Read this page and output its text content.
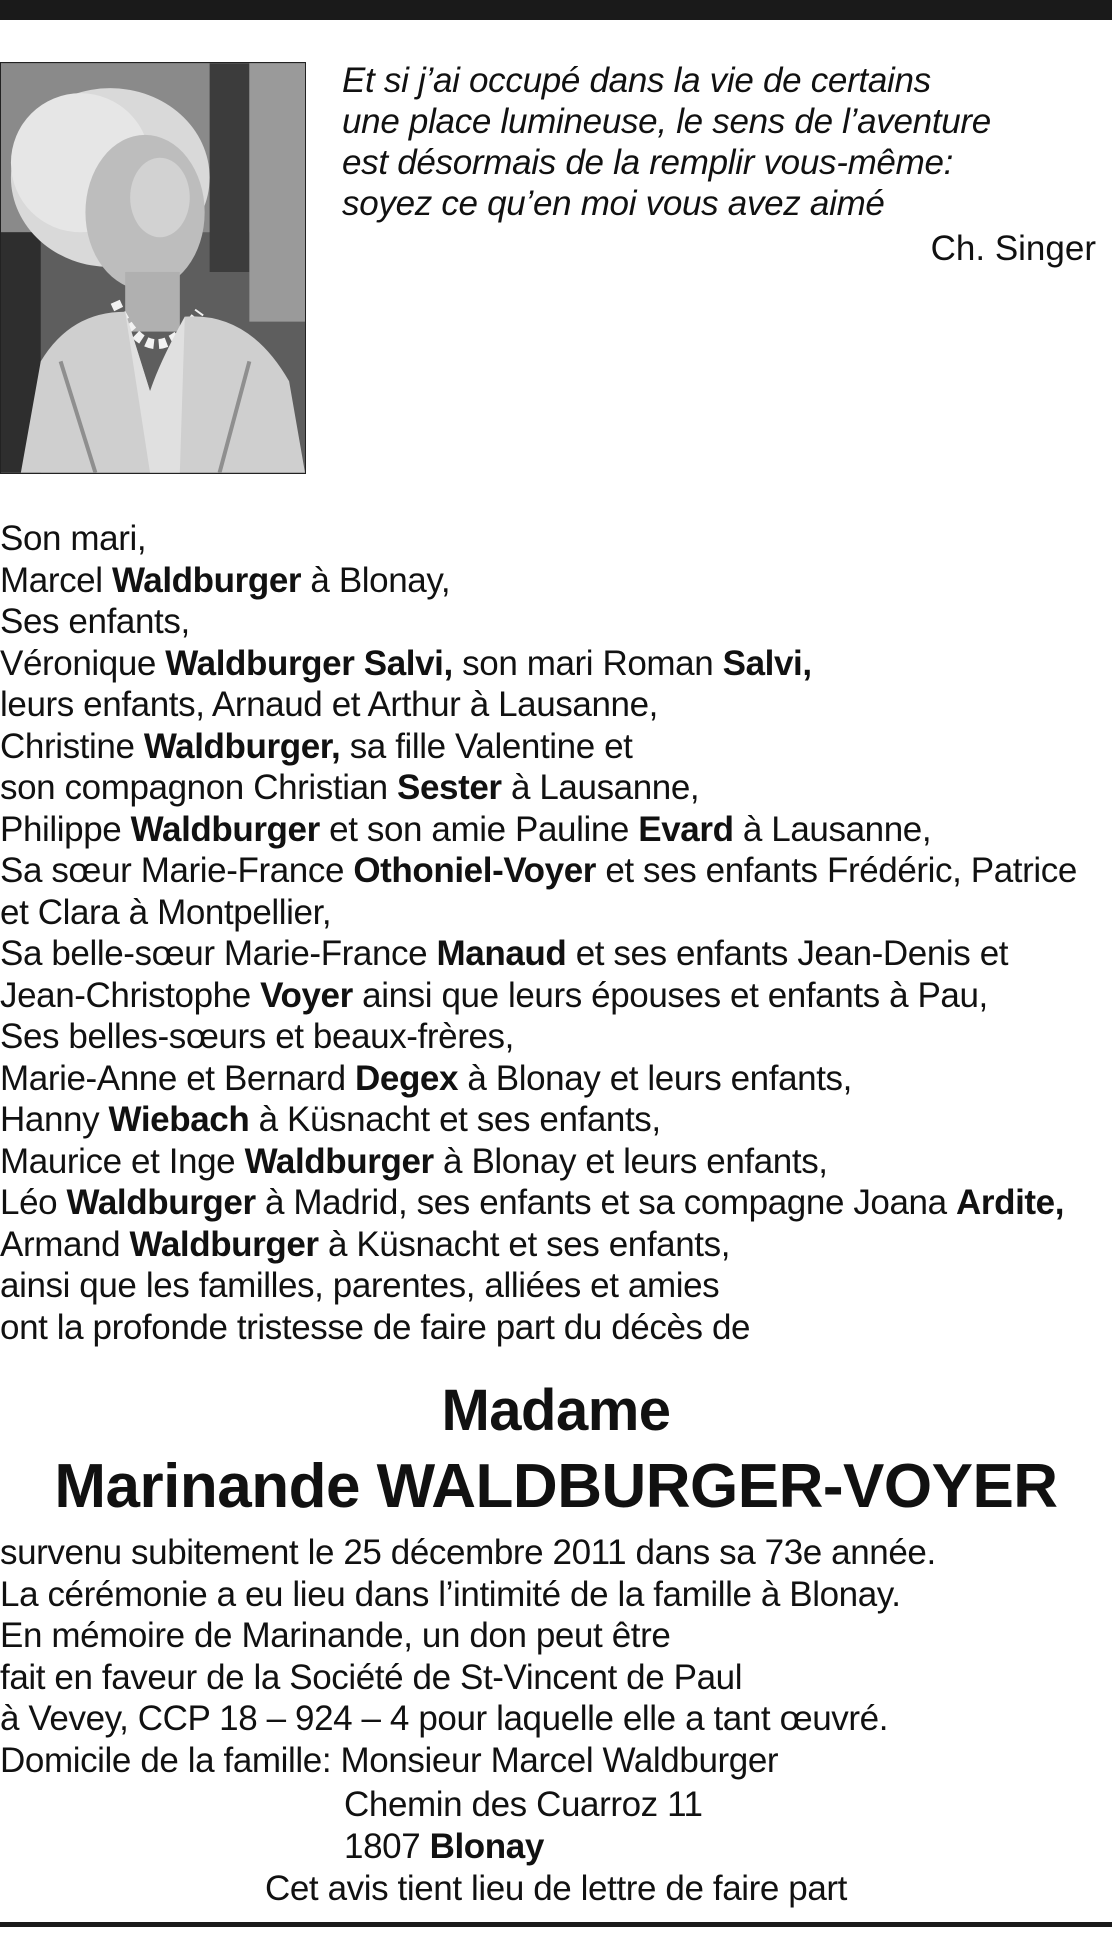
Et si j’ai occupé dans la vie de certains
une place lumineuse, le sens de l’aventure
est désormais de la remplir vous-même:
soyez ce qu’en moi vous avez aimé
Ch. Singer
Son mari,
Marcel Waldburger à Blonay,
Ses enfants,
Véronique Waldburger Salvi, son mari Roman Salvi,
leurs enfants, Arnaud et Arthur à Lausanne,
Christine Waldburger, sa fille Valentine et
son compagnon Christian Sester à Lausanne,
Philippe Waldburger et son amie Pauline Evard à Lausanne,
Sa sœur Marie-France Othoniel-Voyer et ses enfants Frédéric, Patrice
et Clara à Montpellier,
Sa belle-sœur Marie-France Manaud et ses enfants Jean-Denis et
Jean-Christophe Voyer ainsi que leurs épouses et enfants à Pau,
Ses belles-sœurs et beaux-frères,
Marie-Anne et Bernard Degex à Blonay et leurs enfants,
Hanny Wiebach à Küsnacht et ses enfants,
Maurice et Inge Waldburger à Blonay et leurs enfants,
Léo Waldburger à Madrid, ses enfants et sa compagne Joana Ardite,
Armand Waldburger à Küsnacht et ses enfants,
ainsi que les familles, parentes, alliées et amies
ont la profonde tristesse de faire part du décès de
Madame
Marinande WALDBURGER-VOYER
survenu subitement le 25 décembre 2011 dans sa 73e année.
La cérémonie a eu lieu dans l’intimité de la famille à Blonay.
En mémoire de Marinande, un don peut être
fait en faveur de la Société de St-Vincent de Paul
à Vevey, CCP 18 – 924 – 4 pour laquelle elle a tant œuvré.
Domicile de la famille: Monsieur Marcel Waldburger
Chemin des Cuarroz 11
1807 Blonay
Cet avis tient lieu de lettre de faire part
